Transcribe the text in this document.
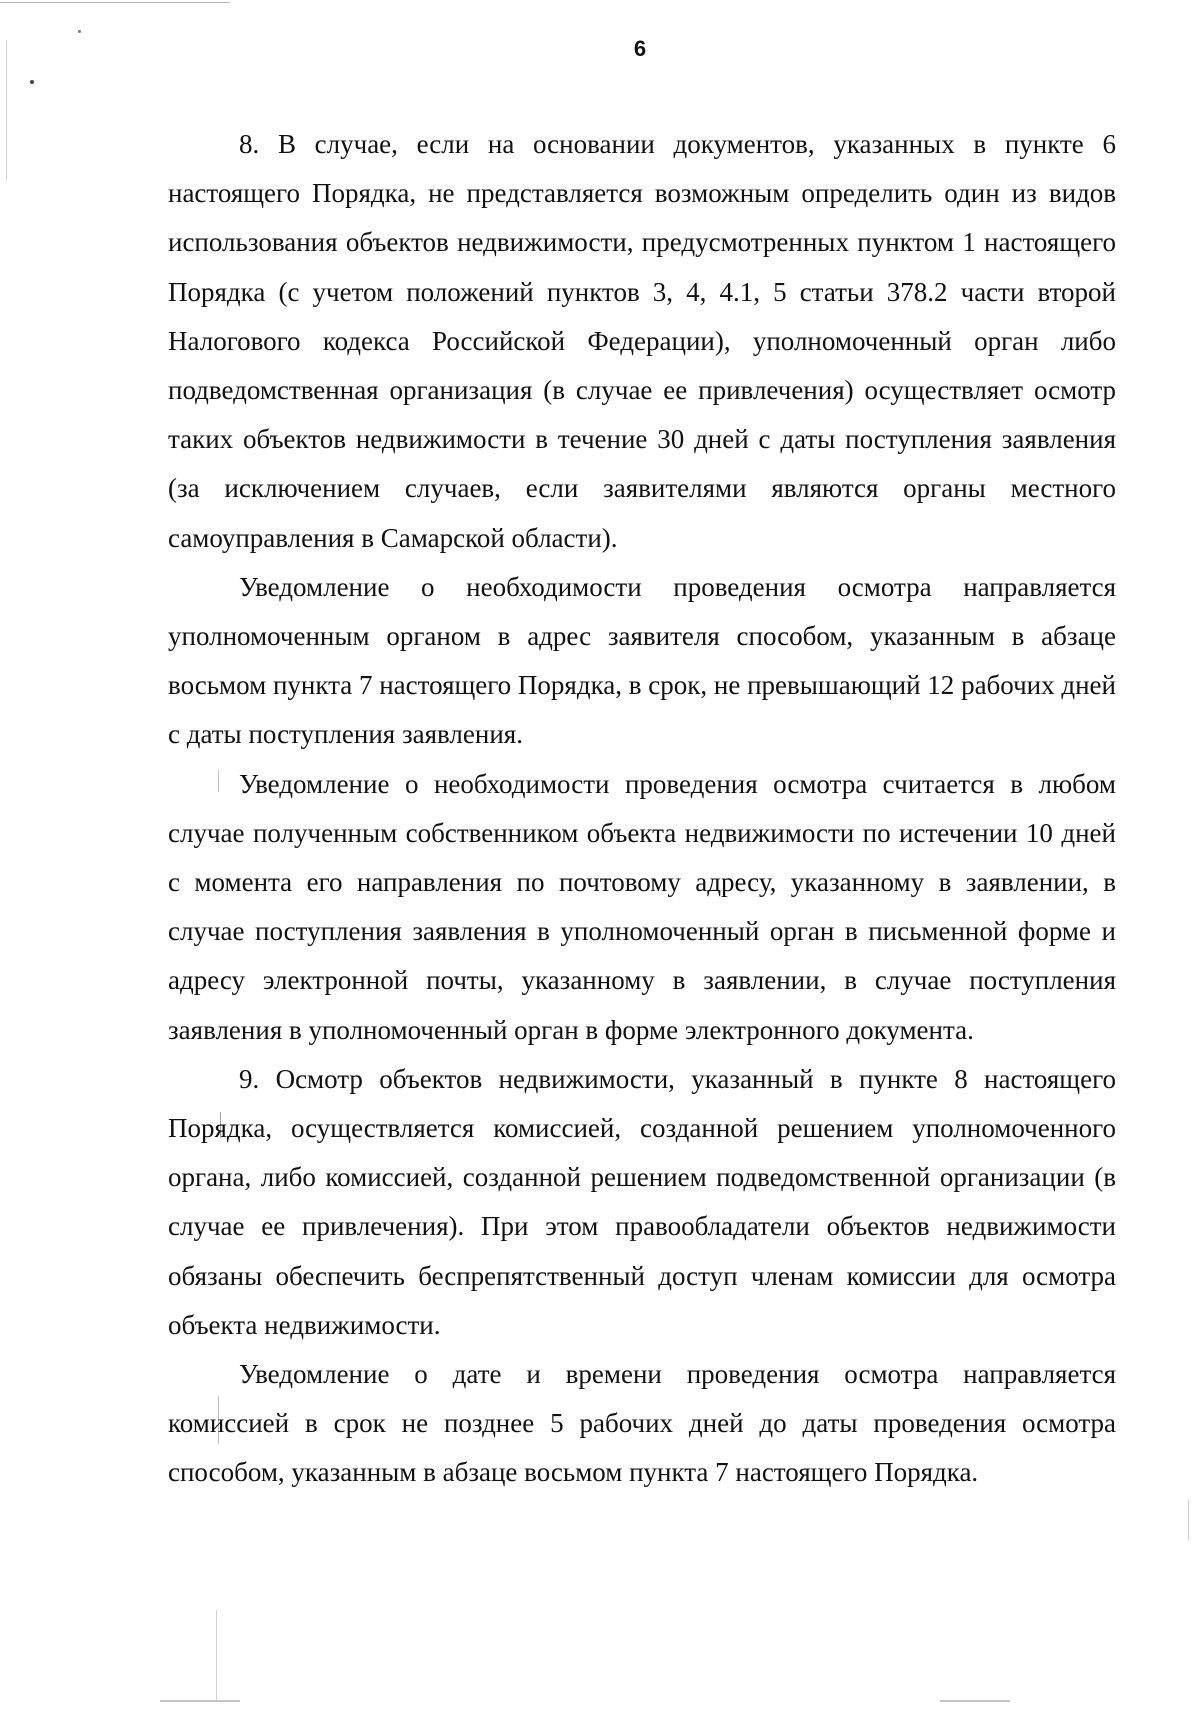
6

8. В случае, если на основании документов, указанных в пункте 6 настоящего Порядка, не представляется возможным определить один из видов использования объектов недвижимости, предусмотренных пунктом 1 настоящего Порядка (с учетом положений пунктов 3, 4, 4.1, 5 статьи 378.2 части второй Налогового кодекса Российской Федерации), уполномоченный орган либо подведомственная организация (в случае ее привлечения) осуществляет осмотр таких объектов недвижимости в течение 30 дней с даты поступления заявления (за исключением случаев, если заявителями являются органы местного самоуправления в Самарской области).

Уведомление о необходимости проведения осмотра направляется уполномоченным органом в адрес заявителя способом, указанным в абзаце восьмом пункта 7 настоящего Порядка, в срок, не превышающий 12 рабочих дней с даты поступления заявления.

Уведомление о необходимости проведения осмотра считается в любом случае полученным собственником объекта недвижимости по истечении 10 дней с момента его направления по почтовому адресу, указанному в заявлении, в случае поступления заявления в уполномоченный орган в письменной форме и адресу электронной почты, указанному в заявлении, в случае поступления заявления в уполномоченный орган в форме электронного документа.

9. Осмотр объектов недвижимости, указанный в пункте 8 настоящего Порядка, осуществляется комиссией, созданной решением уполномоченного органа, либо комиссией, созданной решением подведомственной организации (в случае ее привлечения). При этом правообладатели объектов недвижимости обязаны обеспечить беспрепятственный доступ членам комиссии для осмотра объекта недвижимости.

Уведомление о дате и времени проведения осмотра направляется комиссией в срок не позднее 5 рабочих дней до даты проведения осмотра способом, указанным в абзаце восьмом пункта 7 настоящего Порядка.
